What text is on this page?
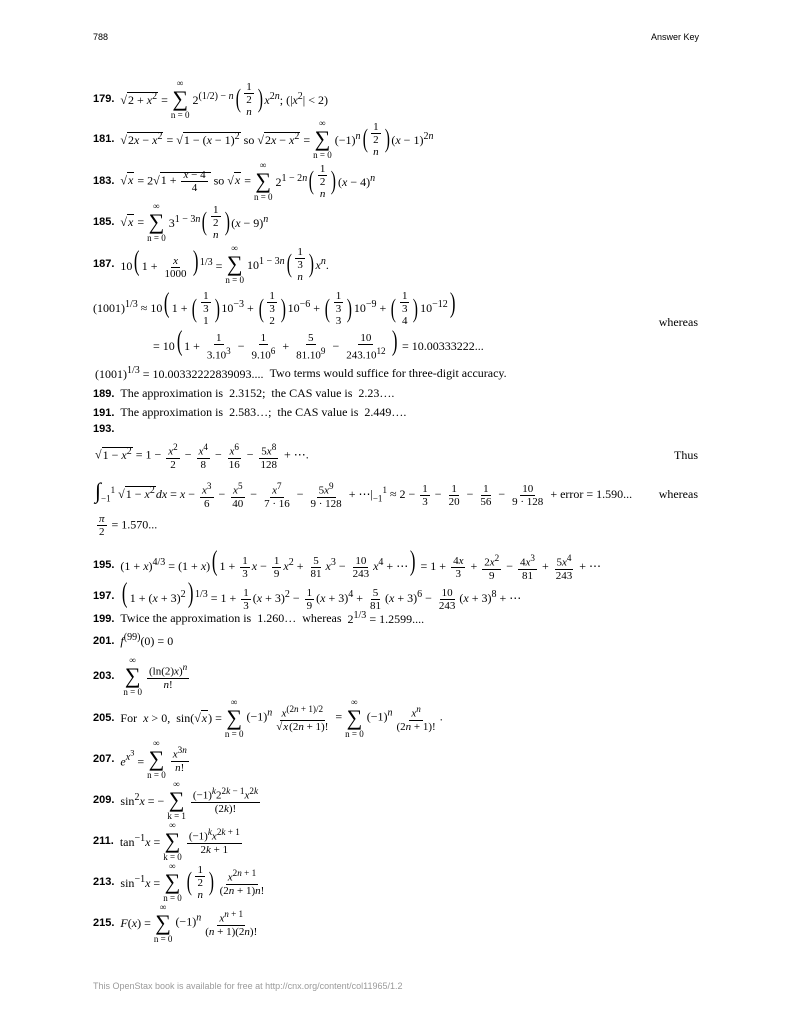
788	Answer Key
179. $√2 + x^2$ =
∞
∑
n = 0
$2^{(1/2) - n}$ ( $\frac{1}{2}$
n ) $x^{2n}$; $(|x^2| < 2)$
181. $√2x - x^2 = √1 - (x - 1)^2$ so $√2x - x^2$ =
∞
∑
n = 0
$(-1)^n$ ( $\frac{1}{2}$
n ) $(x - 1)^{2n}$
183. $√x = 2√1 + \frac{x - 4}{4}$ so √x =
∞
∑
n = 0
$2^{1 - 2n}$ ( $\frac{1}{2}$
n ) $(x - 4)^n$
185. √x =
∞
∑
n = 0
$3^{1 - 3n}$ ( $\frac{1}{2}$
n ) $(x - 9)^n$
187. 10( $1 + \frac{x}{1000}$ ) $^{1/3}$ =
∞
∑
n = 0
$10^{1 - 3n}$ ( $\frac{1}{3}$
n ) $x^n$.
$(1001)^{1/3} \approx 10$( 1 + ( $\frac{1}{3}$
1 ) $10^{-3}$ + ( $\frac{1}{3}$
2 ) $10^{-6}$ + ( $\frac{1}{3}$
3 ) $10^{-9}$ + ( $\frac{1}{3}$
4 ) $10^{-12}$)
whereas
= 10( $1 + \frac{1}{3.10^3} - \frac{1}{9.10^6} + \frac{5}{81.10^9} - \frac{10}{243.10^{12}}$ ) = 10.00333222...
$(1001)^{1/3} = 10.00332222839093$.... Two terms would suffice for three-digit accuracy.
189. The approximation is 2.3152; the CAS value is 2.23….
191. The approximation is 2.583…; the CAS value is 2.449….
193.
$√1 - x^2 = 1 - \frac{x^2}{2} - \frac{x^4}{8} - \frac{x^6}{16} - \frac{5x^8}{128}$ + ⋯.	Thus
$\int_{-1}^1$ $√1 - x^2dx = x - \frac{x^3}{6} - \frac{x^5}{40} - \frac{x^7}{7 \cdot 16} - \frac{5x^9}{9 \cdot 128}$ + $\cdots|_{-1}^1 \approx 2 - \frac{1}{3} - \frac{1}{20} - \frac{1}{56} - \frac{10}{9 \cdot 128}$ + error = 1.590... whereas
$\frac{\pi}{2} = 1.570$...
195. $(1 + x)^{4/3} = (1 + x)$( $1 + \frac{1}{3}$ $x - \frac{1}{9} x^2 + \frac{5}{81} x^3 - \frac{10}{243} x^4$ + ⋯) = $1 + \frac{4x}{3} + \frac{2x^2}{9} - \frac{4x^3}{81} + \frac{5x^4}{243}$ + ⋯
197. ( $1 + (x + 3)^2$) $^{1/3} = 1 + \frac{1}{3} (x + 3)^2 - \frac{1}{9} (x + 3)^4 + \frac{5}{81} (x + 3)^6 - \frac{10}{243} (x + 3)^8$ + ⋯
199. Twice the approximation is 1.260… whereas $2^{1/3} = 1.2599$....
201. $f^{(99)}(0) = 0$
203.
∞
∑
n = 0
$\frac{(\ln(2)x)^n}{n!}$
205. For x > 0, sin(√x) =
∞
∑
n = 0
$(-1)^n \frac{x^{(2n + 1)/2}}{√x(2n + 1)!}$ =
∞
∑
n = 0
$(-1)^n \frac{x^n}{(2n + 1)!}$ .
207. $e^{x^3}$ =
∞
∑
n = 0
$\frac{x^{3n}}{n!}$
209. $\sin^2x$ = −
∞
∑
k = 1
$\frac{(-1)^k2^{2k - 1}x^{2k}}{(2k)!}$
211. $\tan^{-1}x$ =
∞
∑
k = 0
$\frac{(-1)^kx^{2k + 1}}{2k + 1}$
213. $\sin^{-1}x$ =
∞
∑
n = 0
( $\frac{1}{2}$
n ) $\frac{x^{2n + 1}}{(2n + 1)n!}$
215. F(x) =
∞
∑
n = 0
$(-1)^n \frac{x^{n + 1}}{(n + 1)(2n)!}$
This OpenStax book is available for free at http://cnx.org/content/col11965/1.2
